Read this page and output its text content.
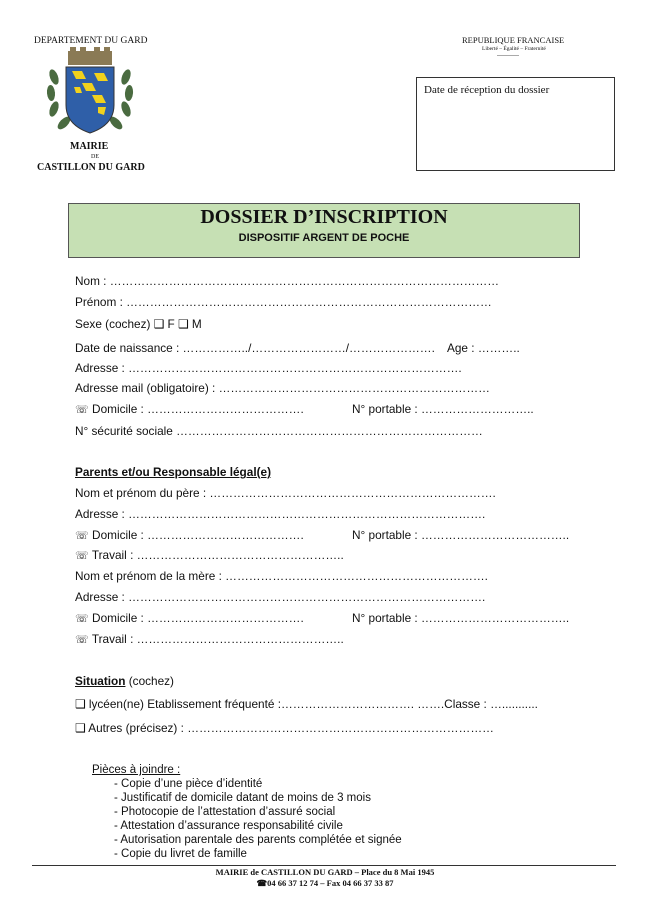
DEPARTEMENT DU GARD
MAIRIE
DE
CASTILLON DU GARD
REPUBLIQUE FRANCAISE
Liberté – Égalité – Fraternité
-----------
Date de réception du dossier
DOSSIER D’INSCRIPTION
DISPOSITIF ARGENT DE POCHE
Nom : ………………………………………………………………………………………
Prénom : …………………………………………………………………………………
Sexe (cochez) ❑ F ❑ M
Date de naissance : ……………../……………………/…………………. Age : ………..
Adresse : ………………………………………………………………………….
Adresse mail (obligatoire) : ……………………………………………………………
☏ Domicile : ………………………………….	N° portable : ………………………..
N° sécurité sociale ……………………………………………………………………
Parents et/ou Responsable légal(e)
Nom et prénom du père : ……………………………………………………………….
Adresse : ……………………………………………………………………………….
☏ Domicile : ………………………………….	N° portable : ………………………………..
☏ Travail : ……………………………………………..
Nom et prénom de la mère : ………………………………………………………….
Adresse : ……………………………………………………………………………….
☏ Domicile : ………………………………….	N° portable : ………………………………..
☏ Travail : ……………………………………………..
Situation (cochez)
❑ lycéen(ne) Etablissement fréquenté :……………………………. …….Classe : …...........
❑ Autres (précisez) : ……………………………………………………………………
Pièces à joindre :
- Copie d’une pièce d’identité
- Justificatif de domicile datant de moins de 3 mois
- Photocopie de l’attestation d’assuré social
- Attestation d’assurance responsabilité civile
- Autorisation parentale des parents complétée et signée
- Copie du livret de famille
MAIRIE de CASTILLON DU GARD – Place du 8 Mai 1945
☎04 66 37 12 74 – Fax 04 66 37 33 87
